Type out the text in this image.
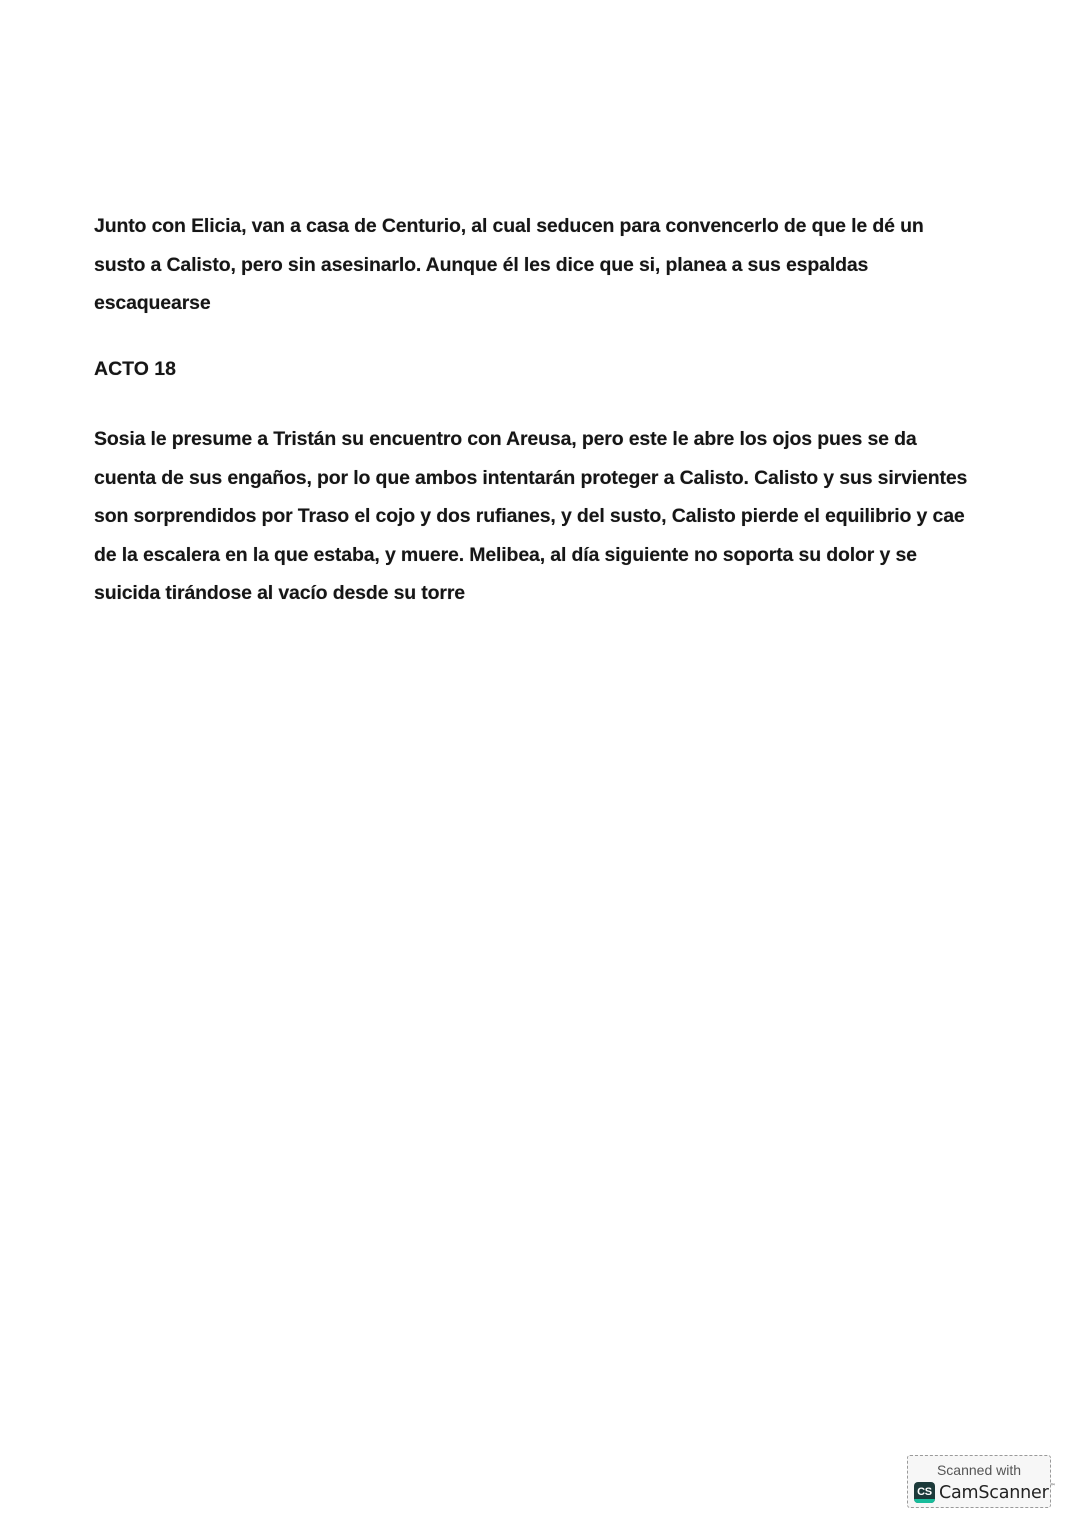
Junto con Elicia, van a casa de Centurio, al cual seducen para convencerlo de que le dé un
susto a Calisto, pero sin asesinarlo. Aunque él les dice que si, planea a sus espaldas
escaquearse

ACTO 18

Sosia le presume a Tristán su encuentro con Areusa, pero este le abre los ojos pues se da
cuenta de sus engaños, por lo que ambos intentarán proteger a Calisto. Calisto y sus sirvientes
son sorprendidos por Traso el cojo y dos rufianes, y del susto, Calisto pierde el equilibrio y cae
de la escalera en la que estaba, y muere. Melibea, al día siguiente no soporta su dolor y se
suicida tirándose al vacío desde su torre

Scanned with
CS CamScanner™
